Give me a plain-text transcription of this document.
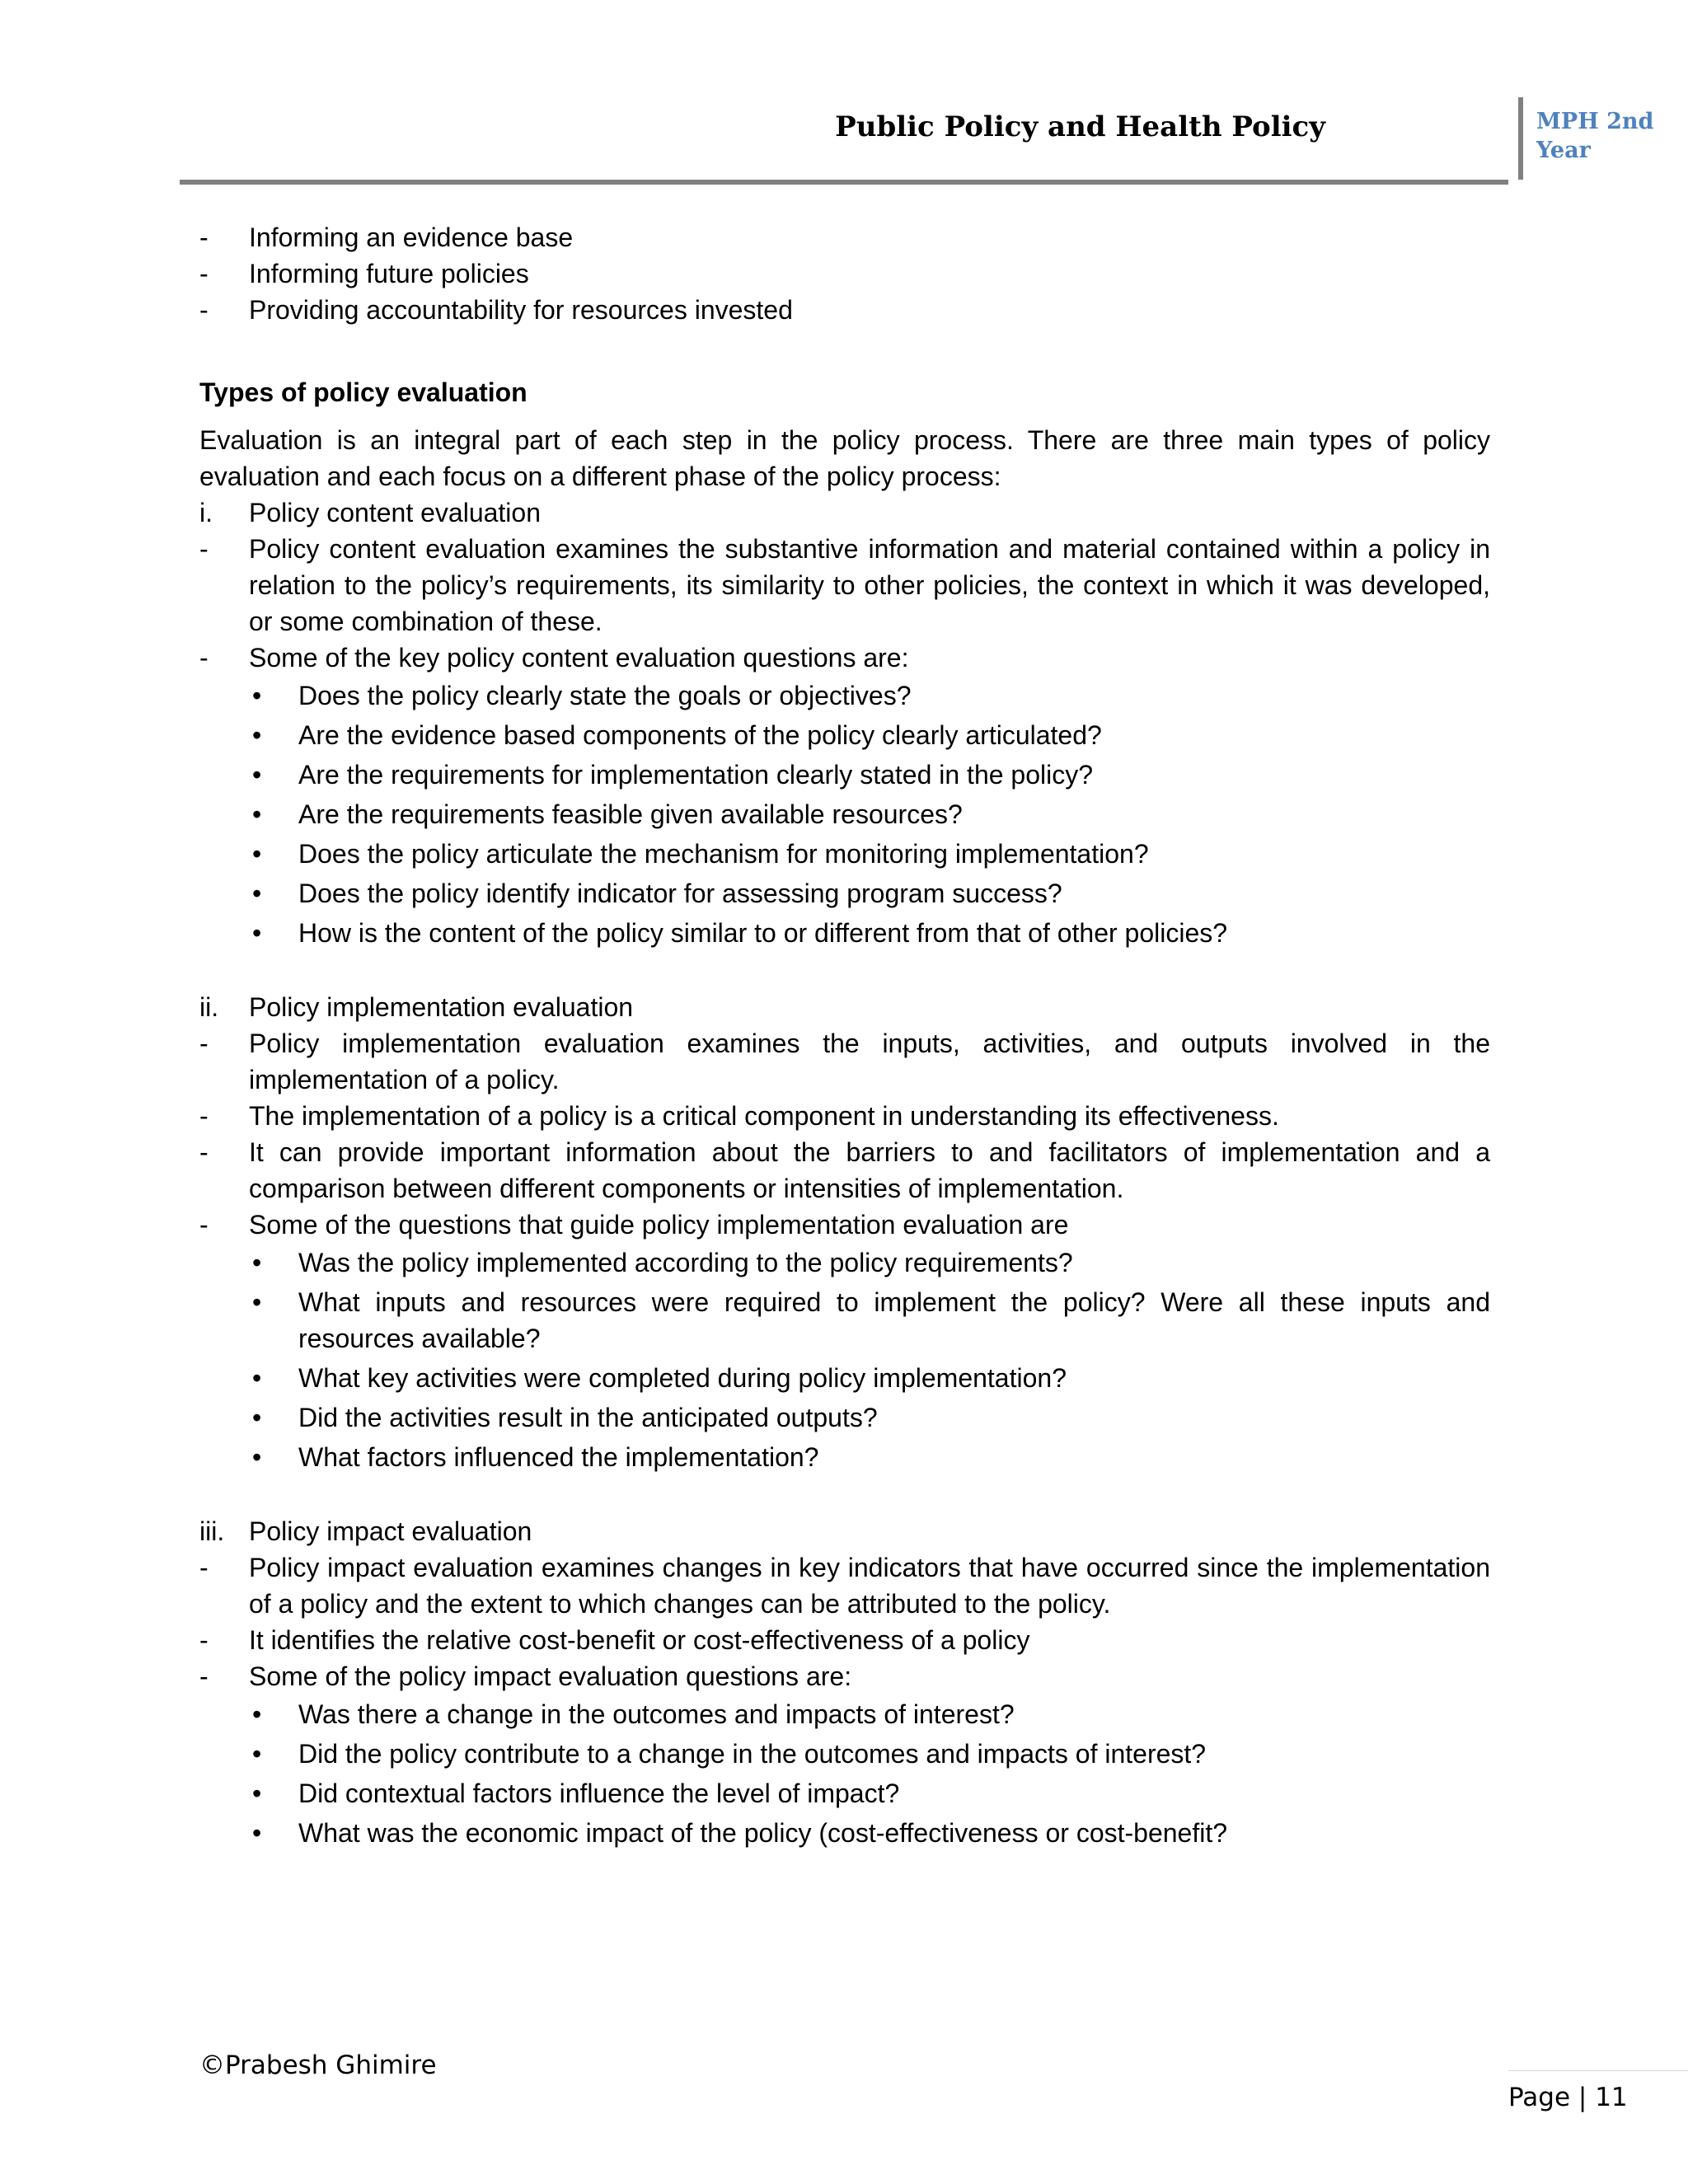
Public Policy and Health Policy	MPH 2nd Year
-	Informing an evidence base
-	Informing future policies
-	Providing accountability for resources invested
Types of policy evaluation
Evaluation is an integral part of each step in the policy process. There are three main types of policy evaluation and each focus on a different phase of the policy process:
i.	Policy content evaluation
-	Policy content evaluation examines the substantive information and material contained within a policy in relation to the policy’s requirements, its similarity to other policies, the context in which it was developed, or some combination of these.
-	Some of the key policy content evaluation questions are:
•	Does the policy clearly state the goals or objectives?
•	Are the evidence based components of the policy clearly articulated?
•	Are the requirements for implementation clearly stated in the policy?
•	Are the requirements feasible given available resources?
•	Does the policy articulate the mechanism for monitoring implementation?
•	Does the policy identify indicator for assessing program success?
•	How is the content of the policy similar to or different from that of other policies?
ii.	Policy implementation evaluation
-	Policy implementation evaluation examines the inputs, activities, and outputs involved in the implementation of a policy.
-	The implementation of a policy is a critical component in understanding its effectiveness.
-	It can provide important information about the barriers to and facilitators of implementation and a comparison between different components or intensities of implementation.
-	Some of the questions that guide policy implementation evaluation are
•	Was the policy implemented according to the policy requirements?
•	What inputs and resources were required to implement the policy? Were all these inputs and resources available?
•	What key activities were completed during policy implementation?
•	Did the activities result in the anticipated outputs?
•	What factors influenced the implementation?
iii. Policy impact evaluation
-	Policy impact evaluation examines changes in key indicators that have occurred since the implementation of a policy and the extent to which changes can be attributed to the policy.
-	It identifies the relative cost-benefit or cost-effectiveness of a policy
-	Some of the policy impact evaluation questions are:
•	Was there a change in the outcomes and impacts of interest?
•	Did the policy contribute to a change in the outcomes and impacts of interest?
•	Did contextual factors influence the level of impact?
•	What was the economic impact of the policy (cost-effectiveness or cost-benefit?
©Prabesh Ghimire
Page | 11
